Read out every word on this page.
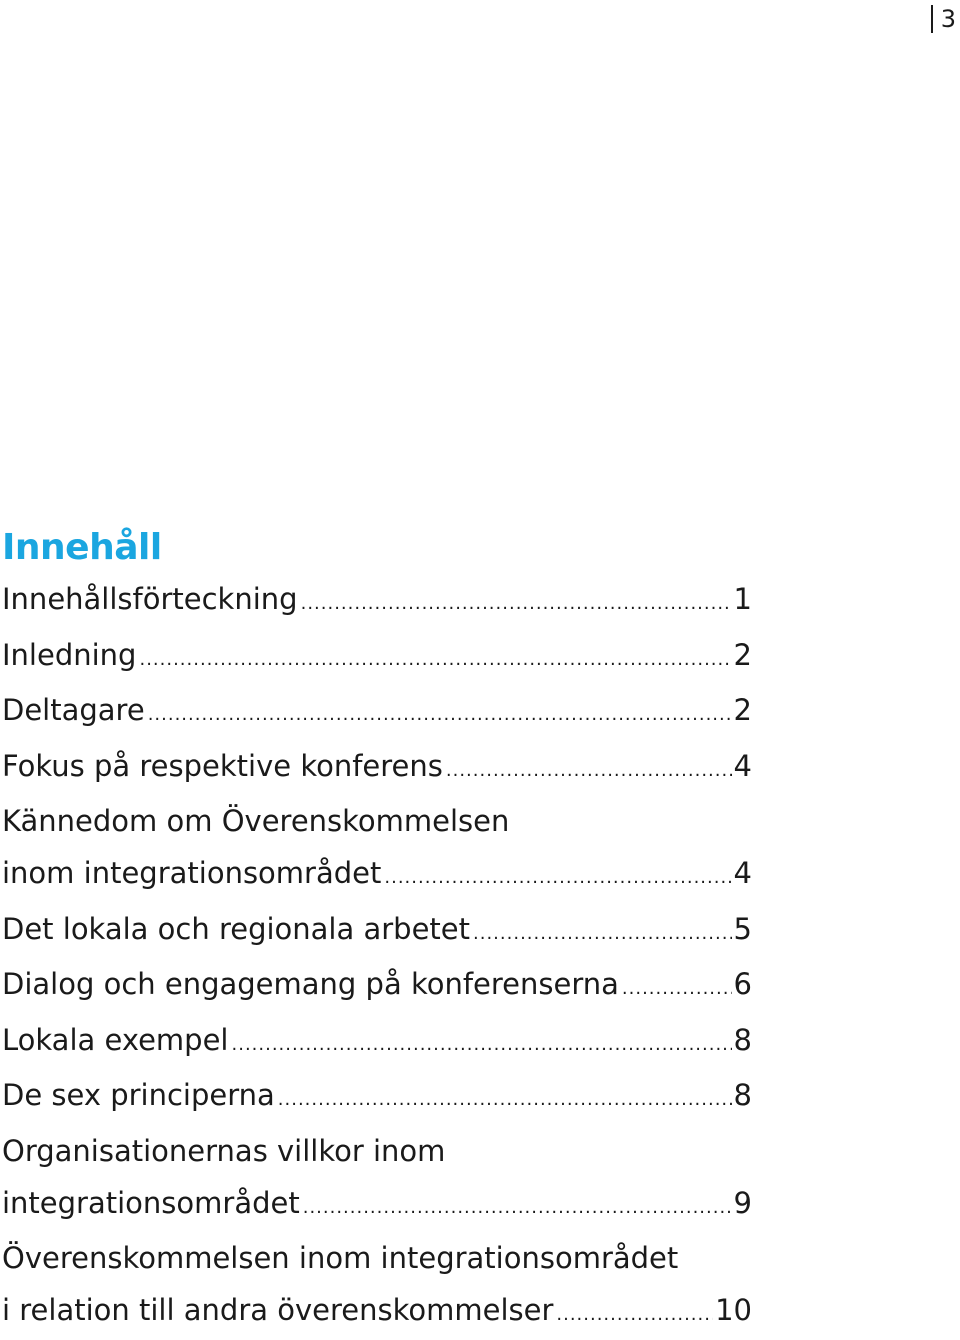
3
Innehåll
Innehållsförteckning .....	1
Inledning .....	2
Deltagare .....	2
Fokus på respektive konferens .....	4
Kännedom om Överenskommelsen
inom integrationsområdet .....	4
Det lokala och regionala arbetet .....	5
Dialog och engagemang på konferenserna .....	6
Lokala exempel .....	8
De sex principerna .....	8
Organisationernas villkor inom
integrationsområdet .....	9
Överenskommelsen inom integrationsområdet
i relation till andra överenskommelser .....	10
